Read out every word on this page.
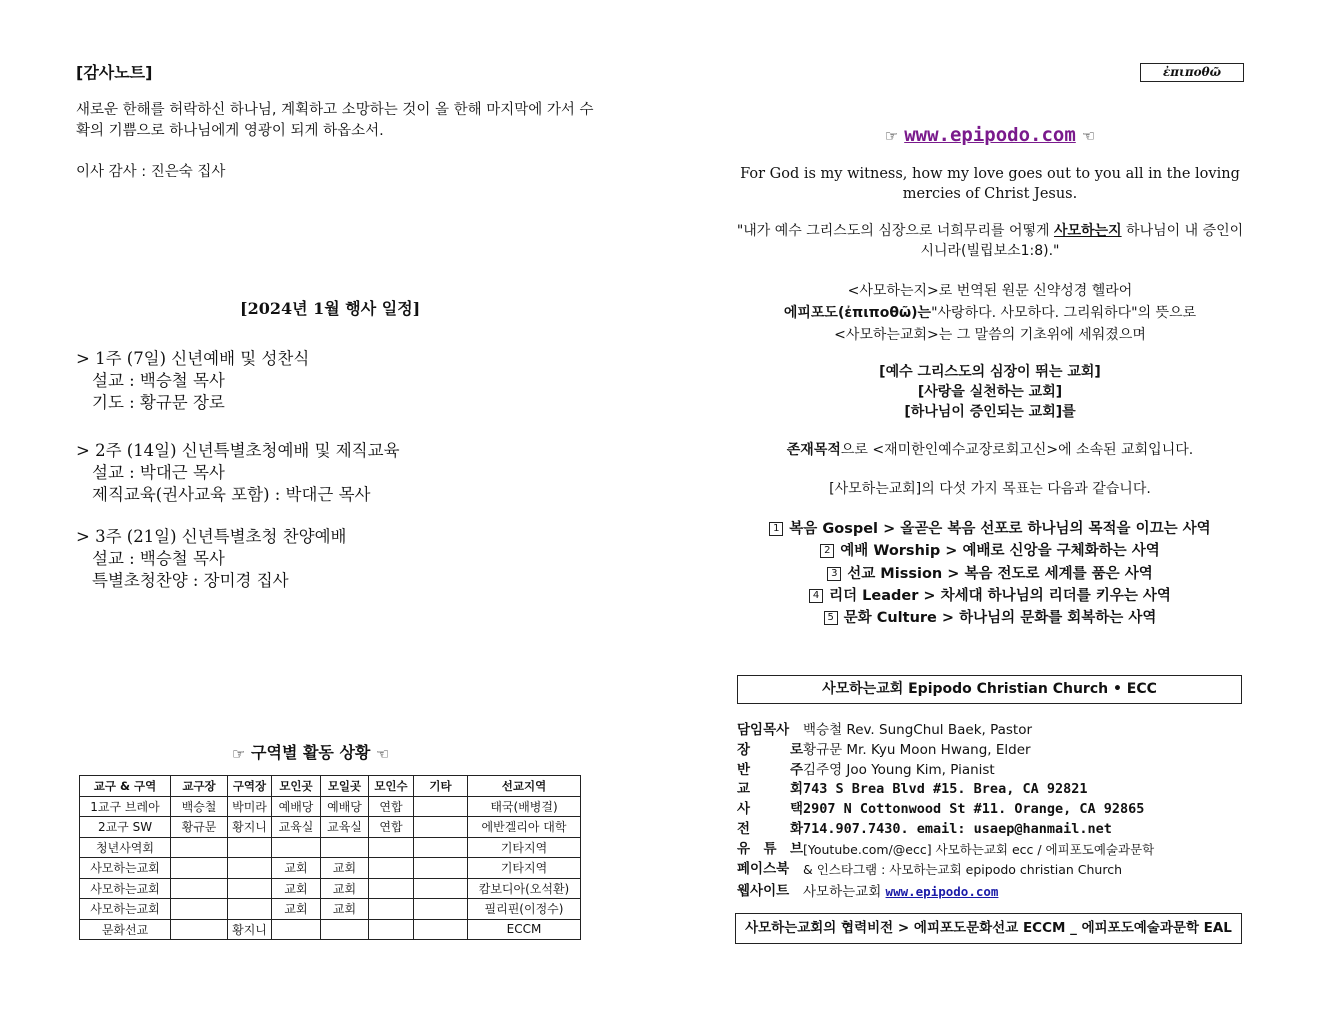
[감사노트]
새로운 한해를 허락하신 하나님, 계획하고 소망하는 것이 올 한해 마지막에 가서 수확의 기쁨으로 하나님에게 영광이 되게 하옵소서.
이사 감사 : 진은숙 집사
[2024년 1월 행사 일정]
> 1주 (7일) 신년예배 및 성찬식
설교 : 백승철 목사
기도 : 황규문 장로
> 2주 (14일) 신년특별초청예배 및 제직교육
설교 : 박대근 목사
제직교육(권사교육 포함) : 박대근 목사
> 3주 (21일) 신년특별초청 찬양예배
설교 : 백승철 목사
특별초청찬양 : 장미경 집사
☞ 구역별 활동 상황 ☜
교구 & 구역	교구장	구역장	모인곳	모일곳	모인수	기타	선교지역
1교구 브레아	백승철	박미라	예배당	예배당	연합		태국(배병걸)
2교구 SW	황규문	황지니	교육실	교육실	연합		에반겔리아 대학
청년사역회							기타지역
사모하는교회			교회	교회			기타지역
사모하는교회			교회	교회			캄보디아(오석환)
사모하는교회			교회	교회			필리핀(이정수)
문화선교		황지니					ECCM
ἐπιποθῶ
☞ www.epipodo.com ☜
For God is my witness, how my love goes out to you all in the loving mercies of Christ Jesus.
"내가 예수 그리스도의 심장으로 너희무리를 어떻게 사모하는지 하나님이 내 증인이시니라(빌립보소1:8)."
<사모하는지>로 번역된 원문 신약성경 헬라어
에피포도(ἐπιποθῶ)는"사랑하다. 사모하다. 그리워하다"의 뜻으로
<사모하는교회>는 그 말씀의 기초위에 세워졌으며
[예수 그리스도의 심장이 뛰는 교회]
[사랑을 실천하는 교회]
[하나님이 증인되는 교회]를
존재목적으로 <재미한인예수교장로회고신>에 소속된 교회입니다.
[사모하는교회]의 다섯 가지 목표는 다음과 같습니다.
1 복음 Gospel > 올곧은 복음 선포로 하나님의 목적을 이끄는 사역
2 예배 Worship > 예배로 신앙을 구체화하는 사역
3 선교 Mission > 복음 전도로 세계를 품은 사역
4 리더 Leader > 차세대 하나님의 리더를 키우는 사역
5 문화 Culture > 하나님의 문화를 회복하는 사역
사모하는교회 Epipodo Christian Church • ECC
담임목사	백승철 Rev. SungChul Baek, Pastor
장	로 황규문 Mr. Kyu Moon Hwang, Elder
반	주 김주영 Joo Young Kim, Pianist
교	회 743 S Brea Blvd #15. Brea, CA 92821
사	택 2907 N Cottonwood St #11. Orange, CA 92865
전	화 714.907.7430. email: usaep@hanmail.net
유 튜 브 [Youtube.com/@ecc] 사모하는교회 ecc / 에피포도예술과문학
페이스북	& 인스타그램 : 사모하는교회 epipodo christian Church
웹사이트	사모하는교회 www.epipodo.com
사모하는교회의 협력비전 > 에피포도문화선교 ECCM _ 에피포도예술과문학 EAL
